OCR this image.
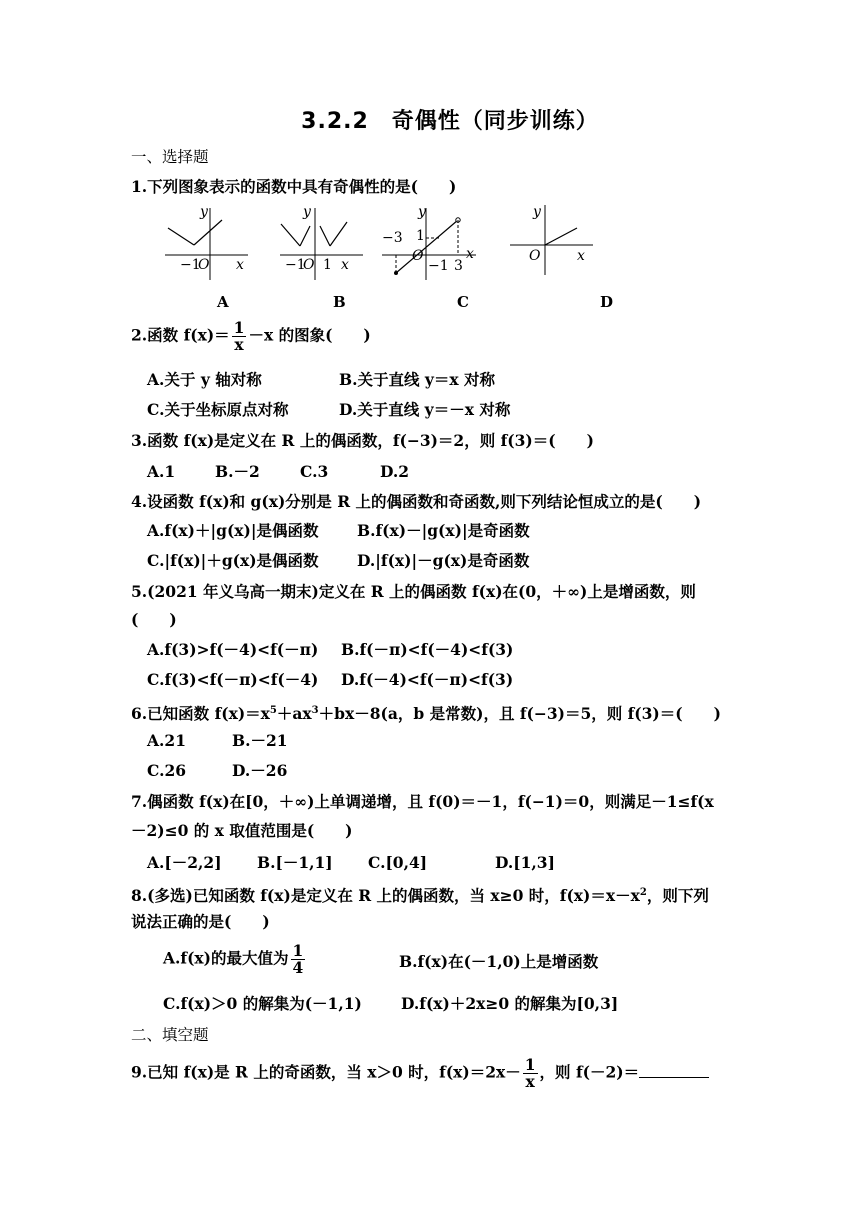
3.2.2　奇偶性（同步训练）
一、选择题
1.下列图象表示的函数中具有奇偶性的是(　　)
y
x
O
−1
y
x
O
−1 1
y
x
O
−3
3
1
−1
y
x
O
A	B	C	D
2.函数 $f(x)= \frac{1}{x} -x$ 的图象(　　)
A.关于 y 轴对称	B.关于直线 y＝x 对称
C.关于坐标原点对称	D.关于直线 y＝－x 对称
3.函数 f(x)是定义在 R 上的偶函数，f(−3)＝2，则 f(3)＝(　　)
A.1	B.－2	C.3	D.2
4.设函数 f(x)和 g(x)分别是 R 上的偶函数和奇函数,则下列结论恒成立的是(　　)
A.f(x)＋|g(x)|是偶函数 B.f(x)－|g(x)|是奇函数
C.|f(x)|＋g(x)是偶函数 D.|f(x)|－g(x)是奇函数
5.(2021 年义乌高一期末)定义在 R 上的偶函数 f(x)在(0，＋∞)上是增函数，则
(　　)
A.f(3)>f(－4)<f(－π) B.f(－π)<f(－4)<f(3)
C.f(3)<f(－π)<f(－4) D.f(－4)<f(－π)<f(3)
6.已知函数 $f(x)=x^5+ax^3+bx-8(a$，b 是常数)，且 f(−3)＝5，则 f(3)＝(　　)
A.21	B.－21
C.26	D.－26
7.偶函数 f(x)在[0，＋∞)上单调递增，且 f(0)＝－1，f(−1)＝0，则满足－1≤f(x
－2)≤0 的 x 取值范围是(　　)
A.[－2,2] B.[－1,1] C.[0,4]	D.[1,3]
8.(多选)已知函数 f(x)是定义在 R 上的偶函数，当 x≥0 时，$f(x)=x-x^2$，则下列
说法正确的是(　　)
A.f(x)的最大值为 $\frac{1}{4}$	B.f(x)在(－1,0)上是增函数
C.f(x)＞0 的解集为(－1,1)	D.f(x)＋2x≥0 的解集为[0,3]
二、填空题
9.已知 f(x)是 R 上的奇函数，当 x＞0 时，$f(x)=2x- \frac{1}{x}$ ，则 f(－2)＝
